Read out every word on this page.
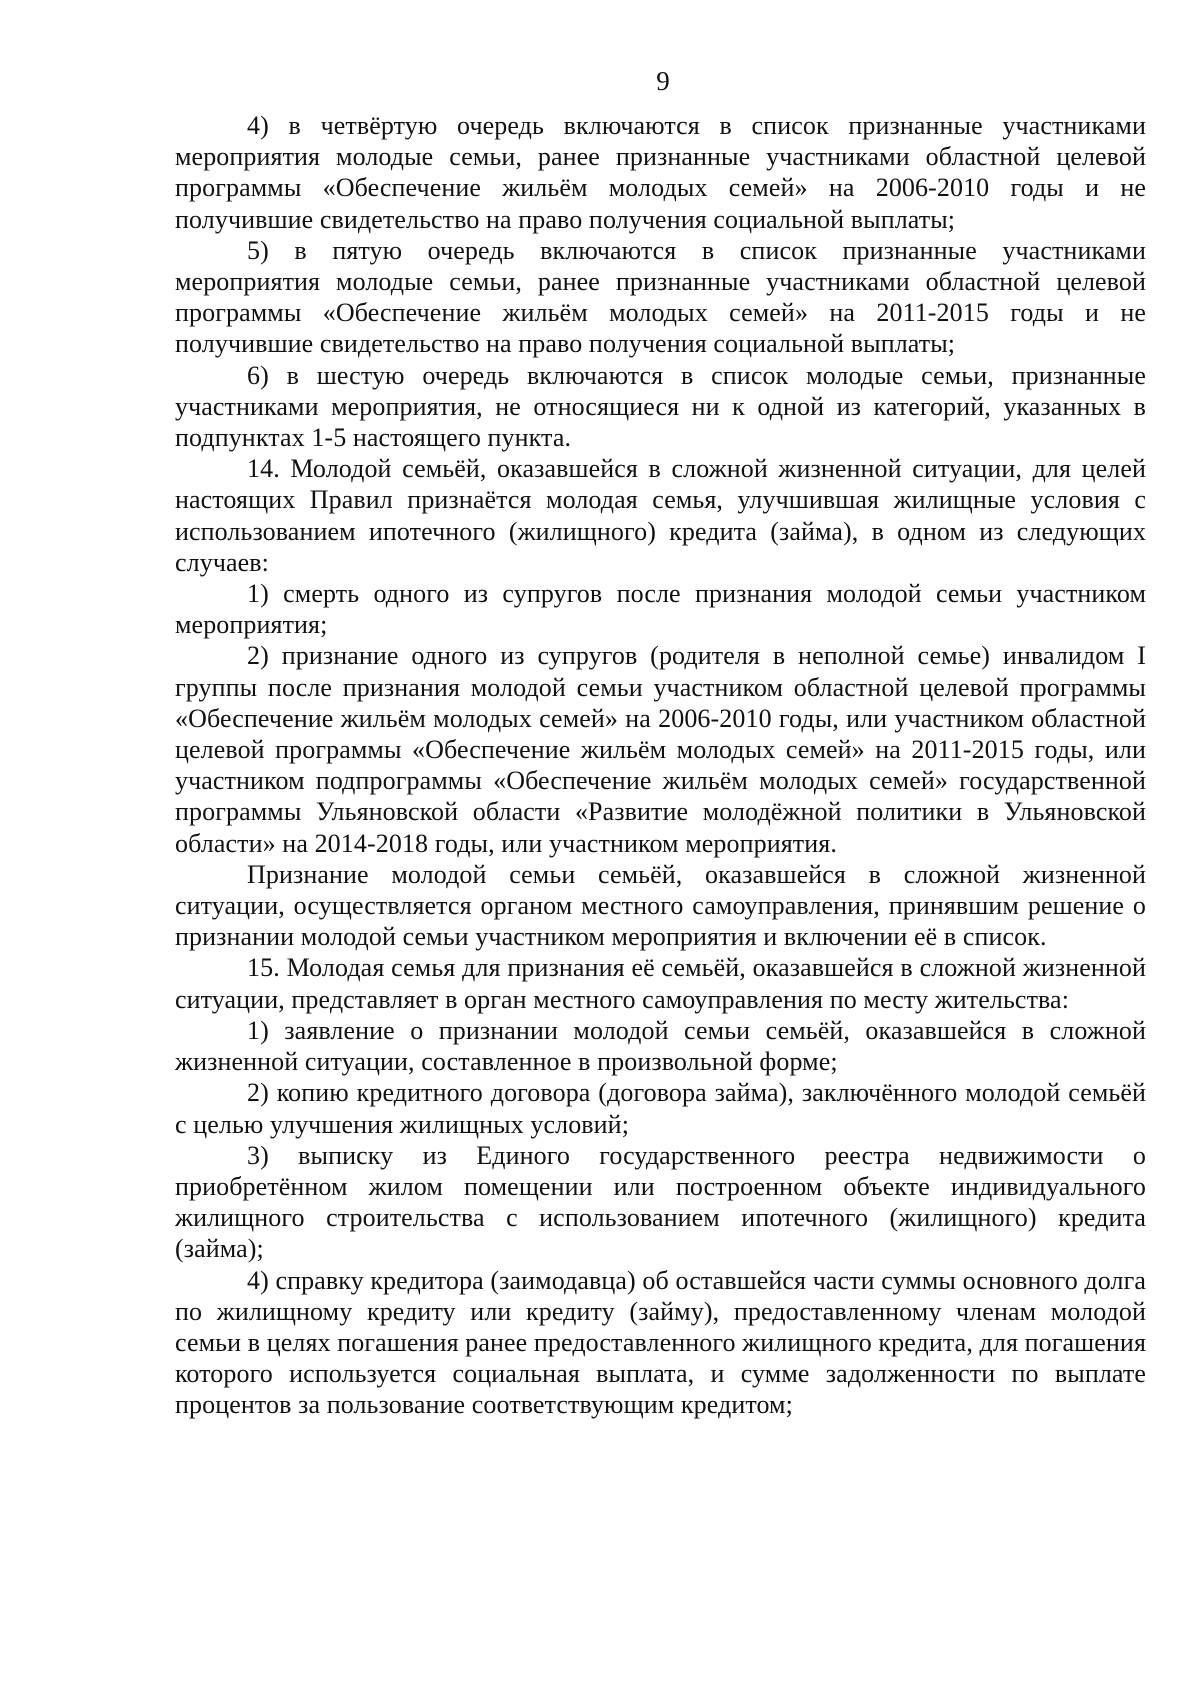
9

4) в четвёртую очередь включаются в список признанные участниками мероприятия молодые семьи, ранее признанные участниками областной целевой программы «Обеспечение жильём молодых семей» на 2006-2010 годы и не получившие свидетельство на право получения социальной выплаты;

5) в пятую очередь включаются в список признанные участниками мероприятия молодые семьи, ранее признанные участниками областной целевой программы «Обеспечение жильём молодых семей» на 2011-2015 годы и не получившие свидетельство на право получения социальной выплаты;

6) в шестую очередь включаются в список молодые семьи, признанные участниками мероприятия, не относящиеся ни к одной из категорий, указанных в подпунктах 1-5 настоящего пункта.

14. Молодой семьёй, оказавшейся в сложной жизненной ситуации, для целей настоящих Правил признаётся молодая семья, улучшившая жилищные условия с использованием ипотечного (жилищного) кредита (займа), в одном из следующих случаев:

1) смерть одного из супругов после признания молодой семьи участником мероприятия;

2) признание одного из супругов (родителя в неполной семье) инвалидом I группы после признания молодой семьи участником областной целевой программы «Обеспечение жильём молодых семей» на 2006-2010 годы, или участником областной целевой программы «Обеспечение жильём молодых семей» на 2011-2015 годы, или участником подпрограммы «Обеспечение жильём молодых семей» государственной программы Ульяновской области «Развитие молодёжной политики в Ульяновской области» на 2014-2018 годы, или участником мероприятия.

Признание молодой семьи семьёй, оказавшейся в сложной жизненной ситуации, осуществляется органом местного самоуправления, принявшим решение о признании молодой семьи участником мероприятия и включении её в список.

15. Молодая семья для признания её семьёй, оказавшейся в сложной жизненной ситуации, представляет в орган местного самоуправления по месту жительства:

1) заявление о признании молодой семьи семьёй, оказавшейся в сложной жизненной ситуации, составленное в произвольной форме;

2) копию кредитного договора (договора займа), заключённого молодой семьёй с целью улучшения жилищных условий;

3) выписку из Единого государственного реестра недвижимости о приобретённом жилом помещении или построенном объекте индивидуального жилищного строительства с использованием ипотечного (жилищного) кредита (займа);

4) справку кредитора (заимодавца) об оставшейся части суммы основного долга по жилищному кредиту или кредиту (займу), предоставленному членам молодой семьи в целях погашения ранее предоставленного жилищного кредита, для погашения которого используется социальная выплата, и сумме задолженности по выплате процентов за пользование соответствующим кредитом;
